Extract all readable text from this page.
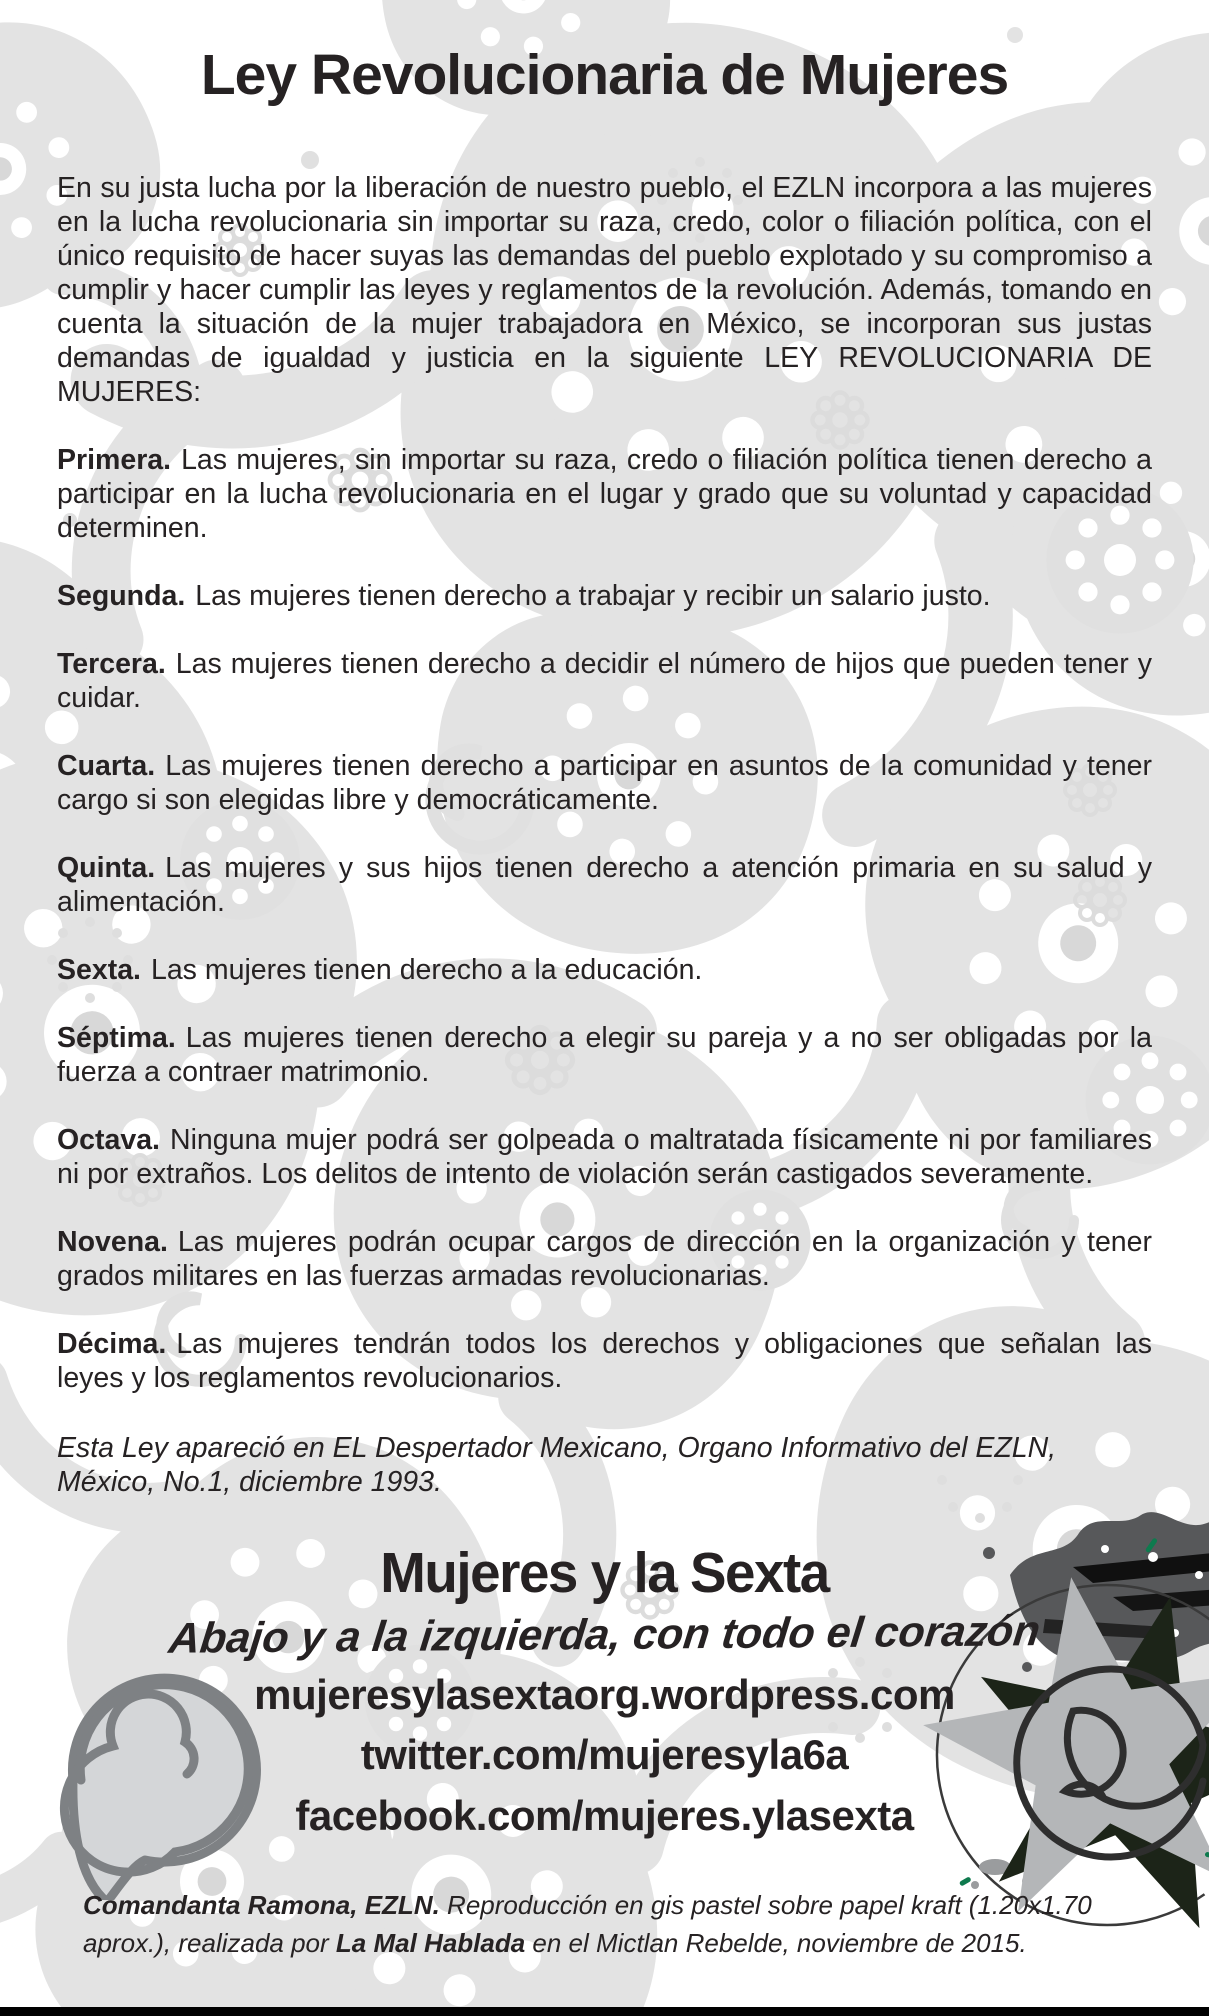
Ley Revolucionaria de Mujeres

En su justa lucha por la liberación de nuestro pueblo, el EZLN incorpora a las mujeres en la lucha revolucionaria sin importar su raza, credo, color o filiación política, con el único requisito de hacer suyas las demandas del pueblo explotado y su compromiso a cumplir y hacer cumplir las leyes y reglamentos de la revolución. Además, tomando en cuenta la situación de la mujer trabajadora en México, se incorporan sus justas demandas de igualdad y justicia en la siguiente LEY REVOLUCIONARIA DE MUJERES:

Primera. Las mujeres, sin importar su raza, credo o filiación política tienen derecho a participar en la lucha revolucionaria en el lugar y grado que su voluntad y capacidad determinen.

Segunda. Las mujeres tienen derecho a trabajar y recibir un salario justo.

Tercera. Las mujeres tienen derecho a decidir el número de hijos que pueden tener y cuidar.

Cuarta. Las mujeres tienen derecho a participar en asuntos de la comunidad y tener cargo si son elegidas libre y democráticamente.

Quinta. Las mujeres y sus hijos tienen derecho a atención primaria en su salud y alimentación.

Sexta. Las mujeres tienen derecho a la educación.

Séptima. Las mujeres tienen derecho a elegir su pareja y a no ser obligadas por la fuerza a contraer matrimonio.

Octava. Ninguna mujer podrá ser golpeada o maltratada físicamente ni por familiares ni por extraños. Los delitos de intento de violación serán castigados severamente.

Novena. Las mujeres podrán ocupar cargos de dirección en la organización y tener grados militares en las fuerzas armadas revolucionarias.

Décima. Las mujeres tendrán todos los derechos y obligaciones que señalan las leyes y los reglamentos revolucionarios.

Esta Ley apareció en EL Despertador Mexicano, Organo Informativo del EZLN, México, No.1, diciembre 1993.

Mujeres y la Sexta
Abajo y a la izquierda, con todo el corazón
mujeresylasextaorg.wordpress.com
twitter.com/mujeresyla6a
facebook.com/mujeres.ylasexta

Comandanta Ramona, EZLN. Reproducción en gis pastel sobre papel kraft (1.20x1.70 aprox.), realizada por La Mal Hablada en el Mictlan Rebelde, noviembre de 2015.
